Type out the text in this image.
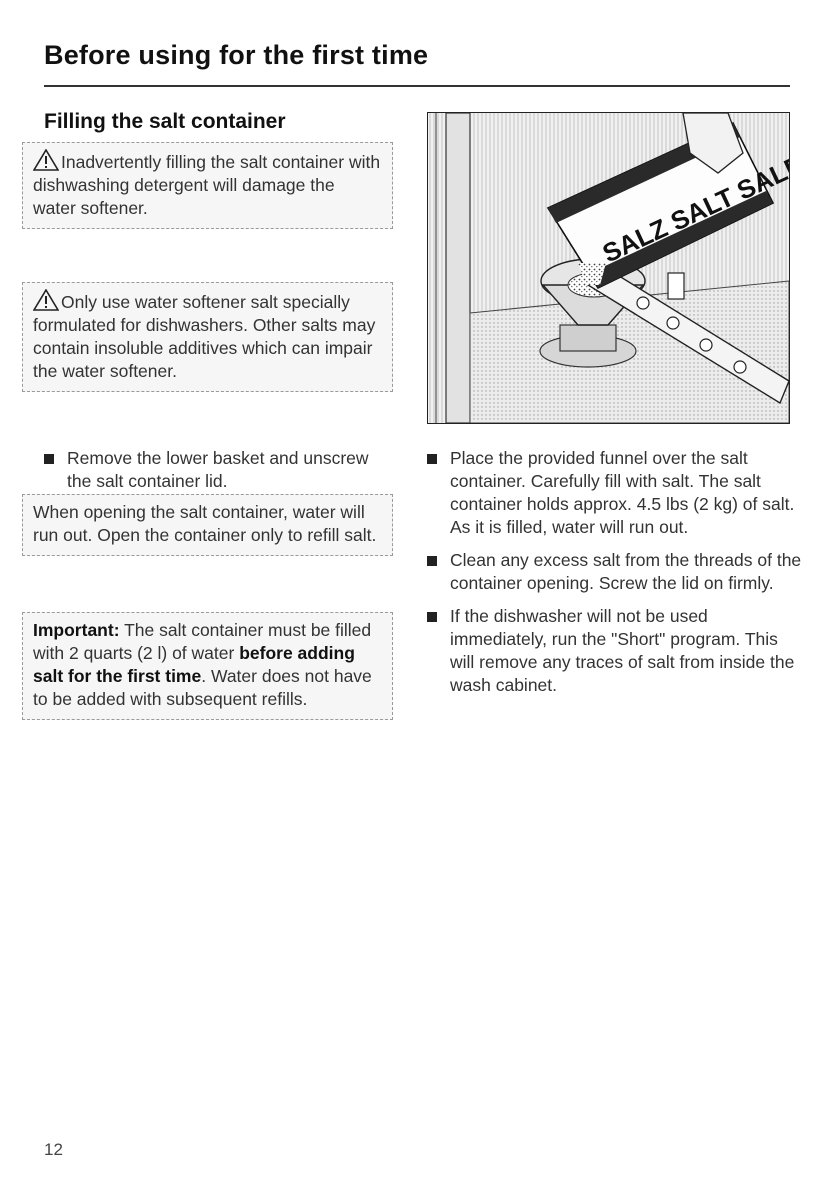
Before using for the first time
Filling the salt container
Inadvertently filling the salt container with dishwashing detergent will damage the water softener.
Only use water softener salt specially formulated for dishwashers. Other salts may contain insoluble additives which can impair the water softener.
Remove the lower basket and unscrew the salt container lid.
When opening the salt container, water will run out. Open the container only to refill salt.
Important: The salt container must be filled with 2 quarts (2 l) of water before adding salt for the first time. Water does not have to be added with subsequent refills.
SALZ SALT SALE
Place the provided funnel over the salt container. Carefully fill with salt. The salt container holds approx. 4.5 lbs (2 kg) of salt. As it is filled, water will run out.
Clean any excess salt from the threads of the container opening. Screw the lid on firmly.
If the dishwasher will not be used immediately, run the "Short" program. This will remove any traces of salt from inside the wash cabinet.
12
